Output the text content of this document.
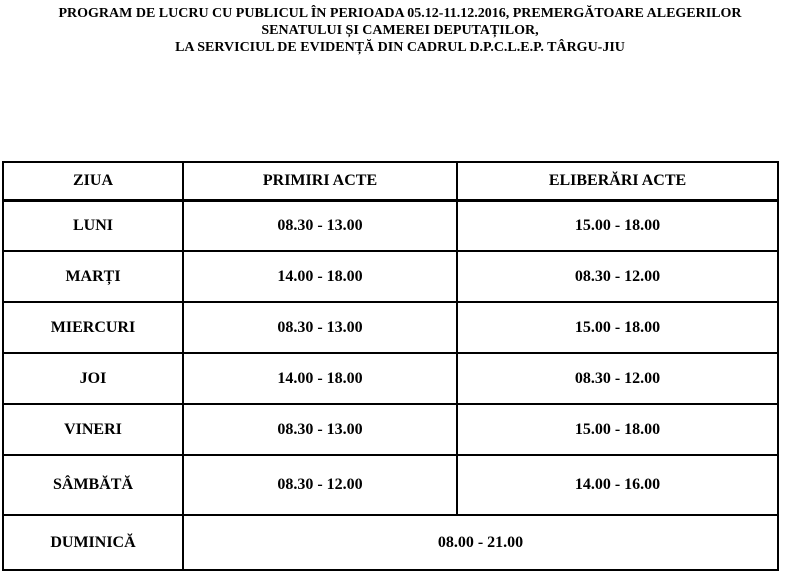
PROGRAM DE LUCRU CU PUBLICUL ÎN PERIOADA 05.12-11.12.2016, PREMERGĂTOARE ALEGERILOR
SENATULUI ȘI CAMEREI DEPUTAȚILOR,
LA SERVICIUL DE EVIDENȚĂ DIN CADRUL D.P.C.L.E.P. TÂRGU-JIU
ZIUA	PRIMIRI ACTE	ELIBERĂRI ACTE
LUNI	08.30 - 13.00	15.00 - 18.00
MARȚI	14.00 - 18.00	08.30 - 12.00
MIERCURI	08.30 - 13.00	15.00 - 18.00
JOI	14.00 - 18.00	08.30 - 12.00
VINERI	08.30 - 13.00	15.00 - 18.00
SÂMBĂTĂ	08.30 - 12.00	14.00 - 16.00
DUMINICĂ	08.00 - 21.00	
